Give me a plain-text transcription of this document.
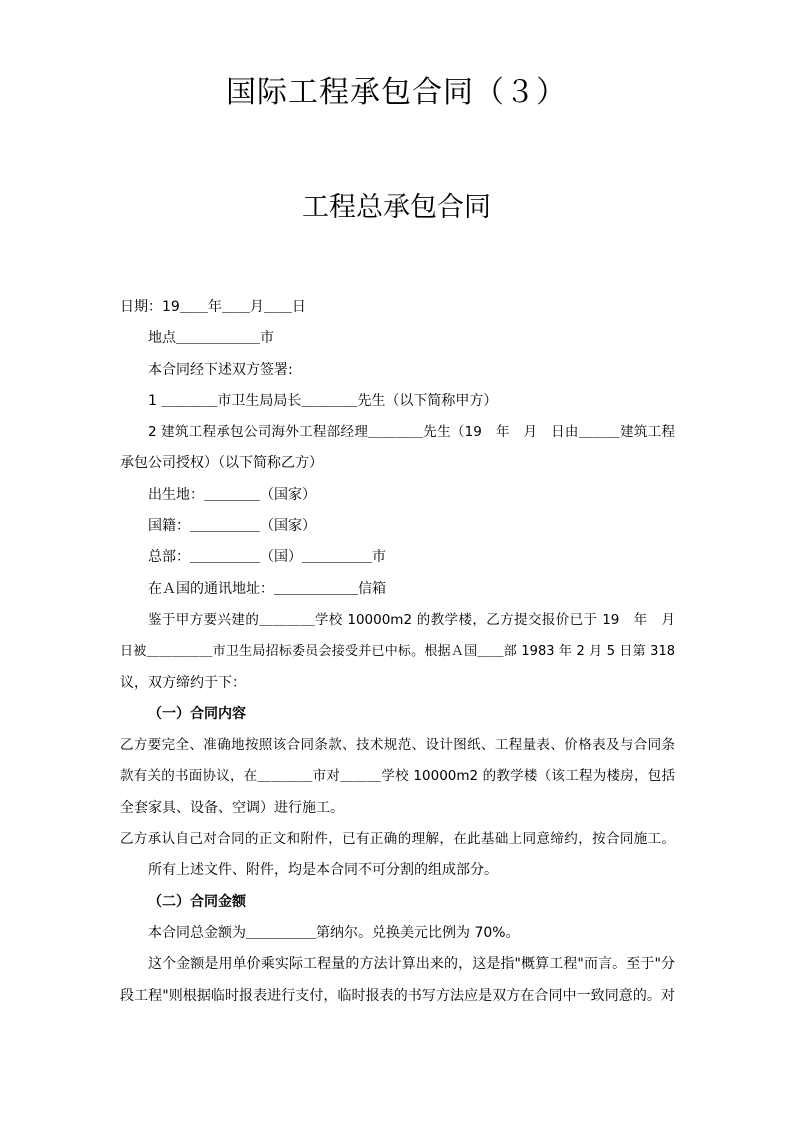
国际工程承包合同（３）
工程总承包合同
日期：19＿＿年＿＿月＿＿日
地点＿＿＿＿＿＿市
本合同经下述双方签署:
1 ＿＿＿＿市卫生局局长＿＿＿＿先生（以下简称甲方）
2 建筑工程承包公司海外工程部经理＿＿＿＿先生（19　年　月　日由＿＿＿建筑工程
承包公司授权）（以下简称乙方）
出生地：＿＿＿＿（国家）
国籍：＿＿＿＿＿（国家）
总部：＿＿＿＿＿（国）＿＿＿＿＿市
在Ａ国的通讯地址：＿＿＿＿＿＿信箱
鉴于甲方要兴建的＿＿＿＿学校 10000m2 的教学楼，乙方提交报价已于 19　年　月
日被＿＿＿＿＿市卫生局招标委员会接受并已中标。根据Ａ国＿＿部 1983 年 2 月 5 日第 318
议，双方缔约于下：
（一）合同内容
乙方要完全、准确地按照该合同条款、技术规范、设计图纸、工程量表、价格表及与合同条
款有关的书面协议，在＿＿＿＿市对＿＿＿学校 10000m2 的教学楼（该工程为楼房，包括
全套家具、设备、空调）进行施工。
乙方承认自己对合同的正文和附件，已有正确的理解，在此基础上同意缔约，按合同施工。
所有上述文件、附件，均是本合同不可分割的组成部分。
（二）合同金额
本合同总金额为＿＿＿＿＿第纳尔。兑换美元比例为 70%。
这个金额是用单价乘实际工程量的方法计算出来的，这是指"概算工程"而言。至于"分
段工程"则根据临时报表进行支付，临时报表的书写方法应是双方在合同中一致同意的。对
